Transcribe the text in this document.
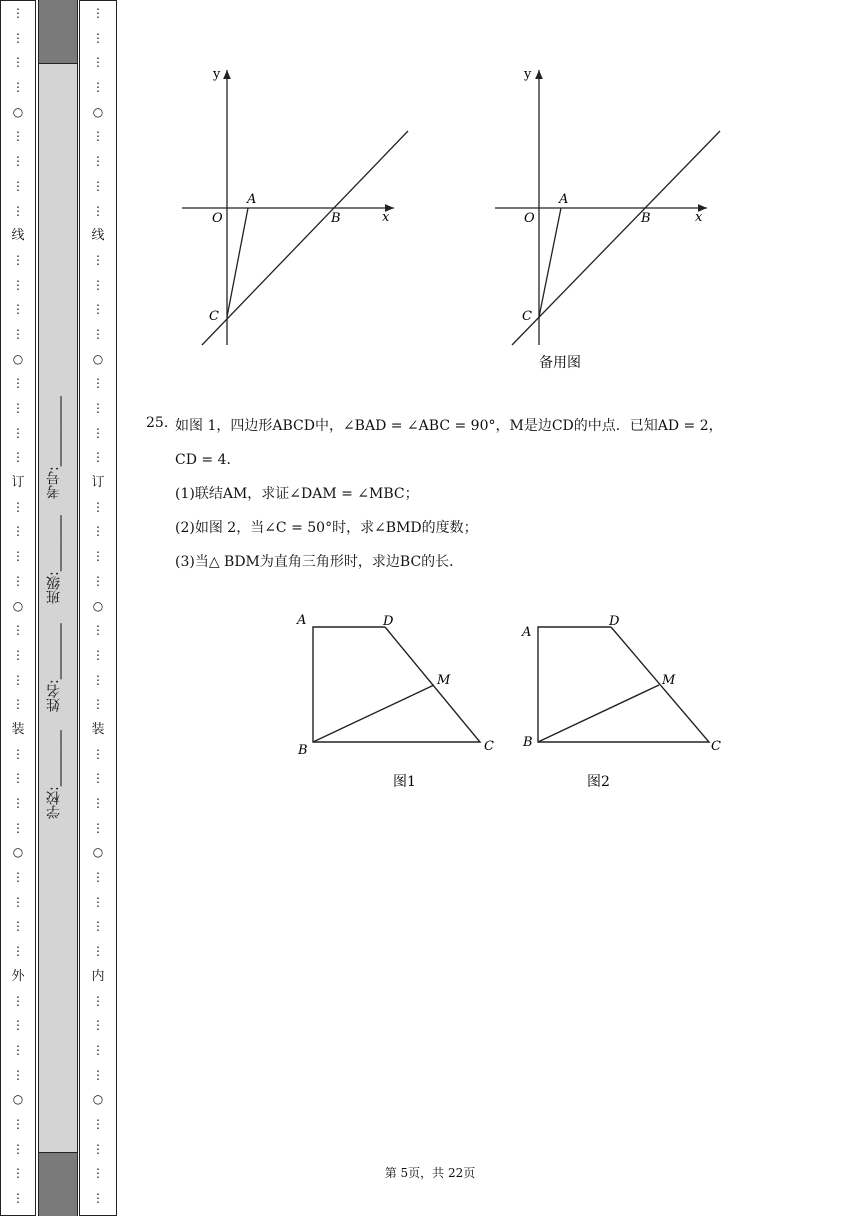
⋮
⋮
⋮
⋮
○
⋮
⋮
⋮
⋮
线
⋮
⋮
⋮
⋮
○
⋮
⋮
⋮
⋮
订
⋮
⋮
⋮
⋮
○
⋮
⋮
⋮
⋮
装
⋮
⋮
⋮
⋮
○
⋮
⋮
⋮
⋮
外
⋮
⋮
⋮
⋮
○
⋮
⋮
⋮
⋮
学校:________
姓名:________
班级:________
考号:__________
⋮
⋮
⋮
⋮
○
⋮
⋮
⋮
⋮
线
⋮
⋮
⋮
⋮
○
⋮
⋮
⋮
⋮
订
⋮
⋮
⋮
⋮
○
⋮
⋮
⋮
⋮
装
⋮
⋮
⋮
⋮
○
⋮
⋮
⋮
⋮
内
⋮
⋮
⋮
⋮
○
⋮
⋮
⋮
⋮
y
x
O
A
B
C
y
x
O
A
B
C
备用图
25. 如图 1，四边形ABCD中，∠BAD = ∠ABC = 90°，M是边CD的中点．已知AD = 2，
CD = 4．
(1)联结AM，求证∠DAM = ∠MBC；
(2)如图 2，当∠C = 50°时，求∠BMD的度数；
(3)当△ BDM为直角三角形时，求边BC的长．
A	D
M
B	C
图1
A
D
M
B	C
图2
第 5页，共 22页
